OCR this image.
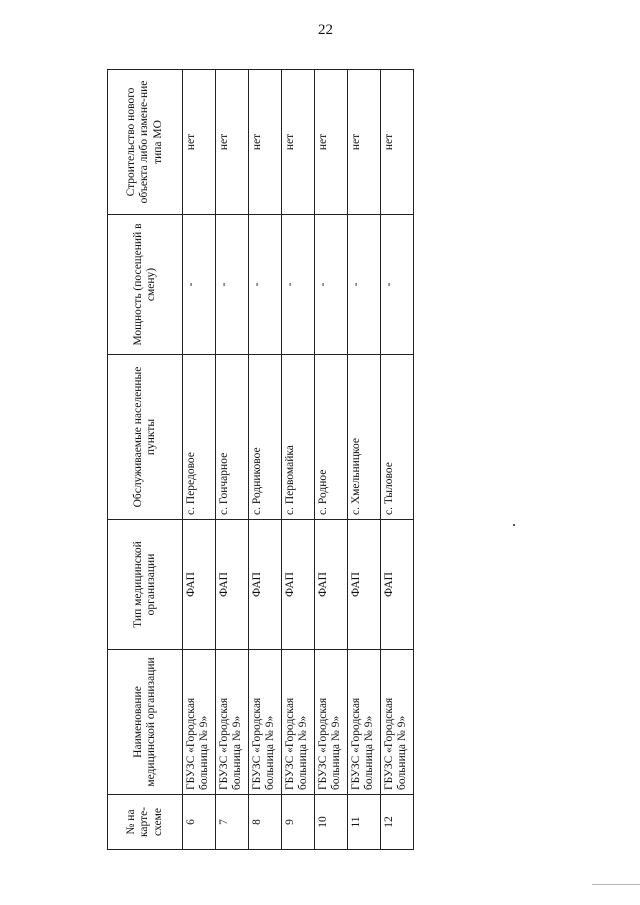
22
№ на карте-схеме	Наименование медицинской организации	Тип медицинской организации	Обслуживаемые населенные пункты	Мощность (посещений в смену)	Строительство нового объекта либо измене-ние типа МО
6	ГБУЗС «Городская больница № 9»	ФАП	с. Передовое	-	нет
7	ГБУЗС «Городская больница № 9»	ФАП	с. Гончарное	-	нет
8	ГБУЗС «Городская больница № 9»	ФАП	с. Родниковое	-	нет
9	ГБУЗС «Городская больница № 9»	ФАП	с. Первомайка	-	нет
10	ГБУЗС «Городская больница № 9»	ФАП	с. Родное	-	нет
11	ГБУЗС «Городская больница № 9»	ФАП	с. Хмельницкое	-	нет
12	ГБУЗС «Городская больница № 9»	ФАП	с. Тыловое	-	нет
